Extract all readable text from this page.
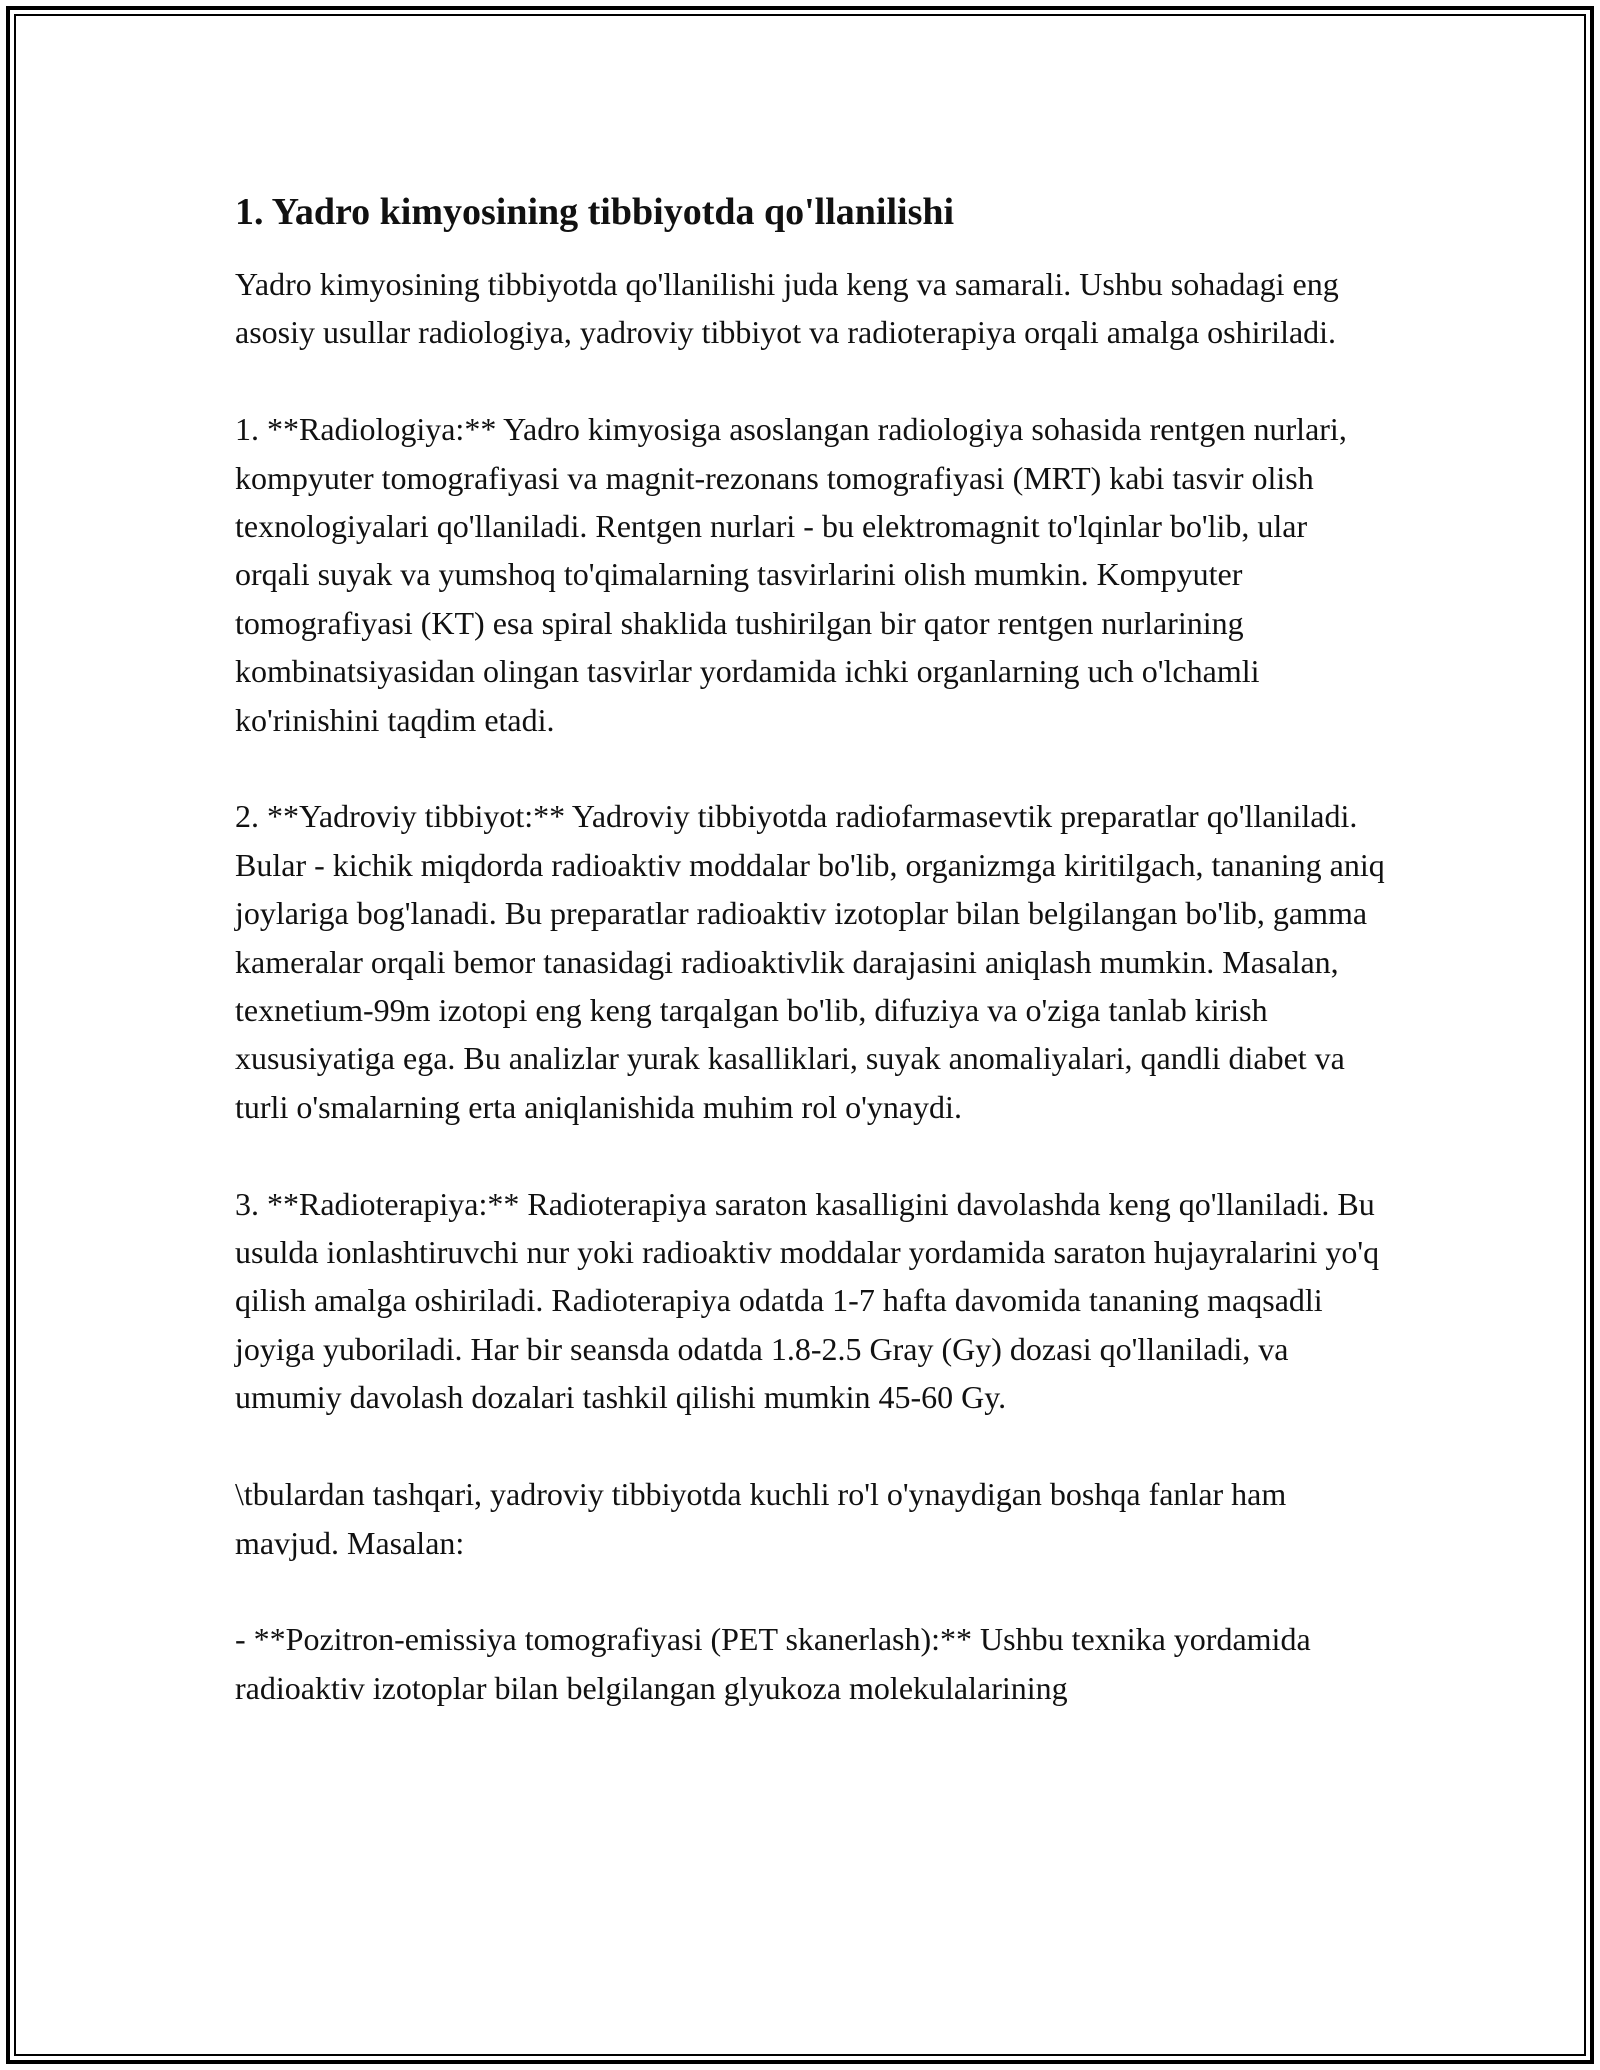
1. Yadro kimyosining tibbiyotda qo'llanilishi

Yadro kimyosining tibbiyotda qo'llanilishi juda keng va samarali. Ushbu sohadagi eng asosiy usullar radiologiya, yadroviy tibbiyot va radioterapiya orqali amalga oshiriladi.

1. **Radiologiya:** Yadro kimyosiga asoslangan radiologiya sohasida rentgen nurlari, kompyuter tomografiyasi va magnit-rezonans tomografiyasi (MRT) kabi tasvir olish texnologiyalari qo'llaniladi. Rentgen nurlari - bu elektromagnit to'lqinlar bo'lib, ular orqali suyak va yumshoq to'qimalarning tasvirlarini olish mumkin. Kompyuter tomografiyasi (KT) esa spiral shaklida tushirilgan bir qator rentgen nurlarining kombinatsiyasidan olingan tasvirlar yordamida ichki organlarning uch o'lchamli ko'rinishini taqdim etadi.

2. **Yadroviy tibbiyot:** Yadroviy tibbiyotda radiofarmasevtik preparatlar qo'llaniladi. Bular - kichik miqdorda radioaktiv moddalar bo'lib, organizmga kiritilgach, tananing aniq joylariga bog'lanadi. Bu preparatlar radioaktiv izotoplar bilan belgilangan bo'lib, gamma kameralar orqali bemor tanasidagi radioaktivlik darajasini aniqlash mumkin. Masalan, texnetium-99m izotopi eng keng tarqalgan bo'lib, difuziya va o'ziga tanlab kirish xususiyatiga ega. Bu analizlar yurak kasalliklari, suyak anomaliyalari, qandli diabet va turli o'smalarning erta aniqlanishida muhim rol o'ynaydi.

3. **Radioterapiya:** Radioterapiya saraton kasalligini davolashda keng qo'llaniladi. Bu usulda ionlashtiruvchi nur yoki radioaktiv moddalar yordamida saraton hujayralarini yo'q qilish amalga oshiriladi. Radioterapiya odatda 1-7 hafta davomida tananing maqsadli joyiga yuboriladi. Har bir seansda odatda 1.8-2.5 Gray (Gy) dozasi qo'llaniladi, va umumiy davolash dozalari tashkil qilishi mumkin 45-60 Gy.

\tbulardan tashqari, yadroviy tibbiyotda kuchli ro'l o'ynaydigan boshqa fanlar ham mavjud. Masalan:

- **Pozitron-emissiya tomografiyasi (PET skanerlash):** Ushbu texnika yordamida radioaktiv izotoplar bilan belgilangan glyukoza molekulalarining
